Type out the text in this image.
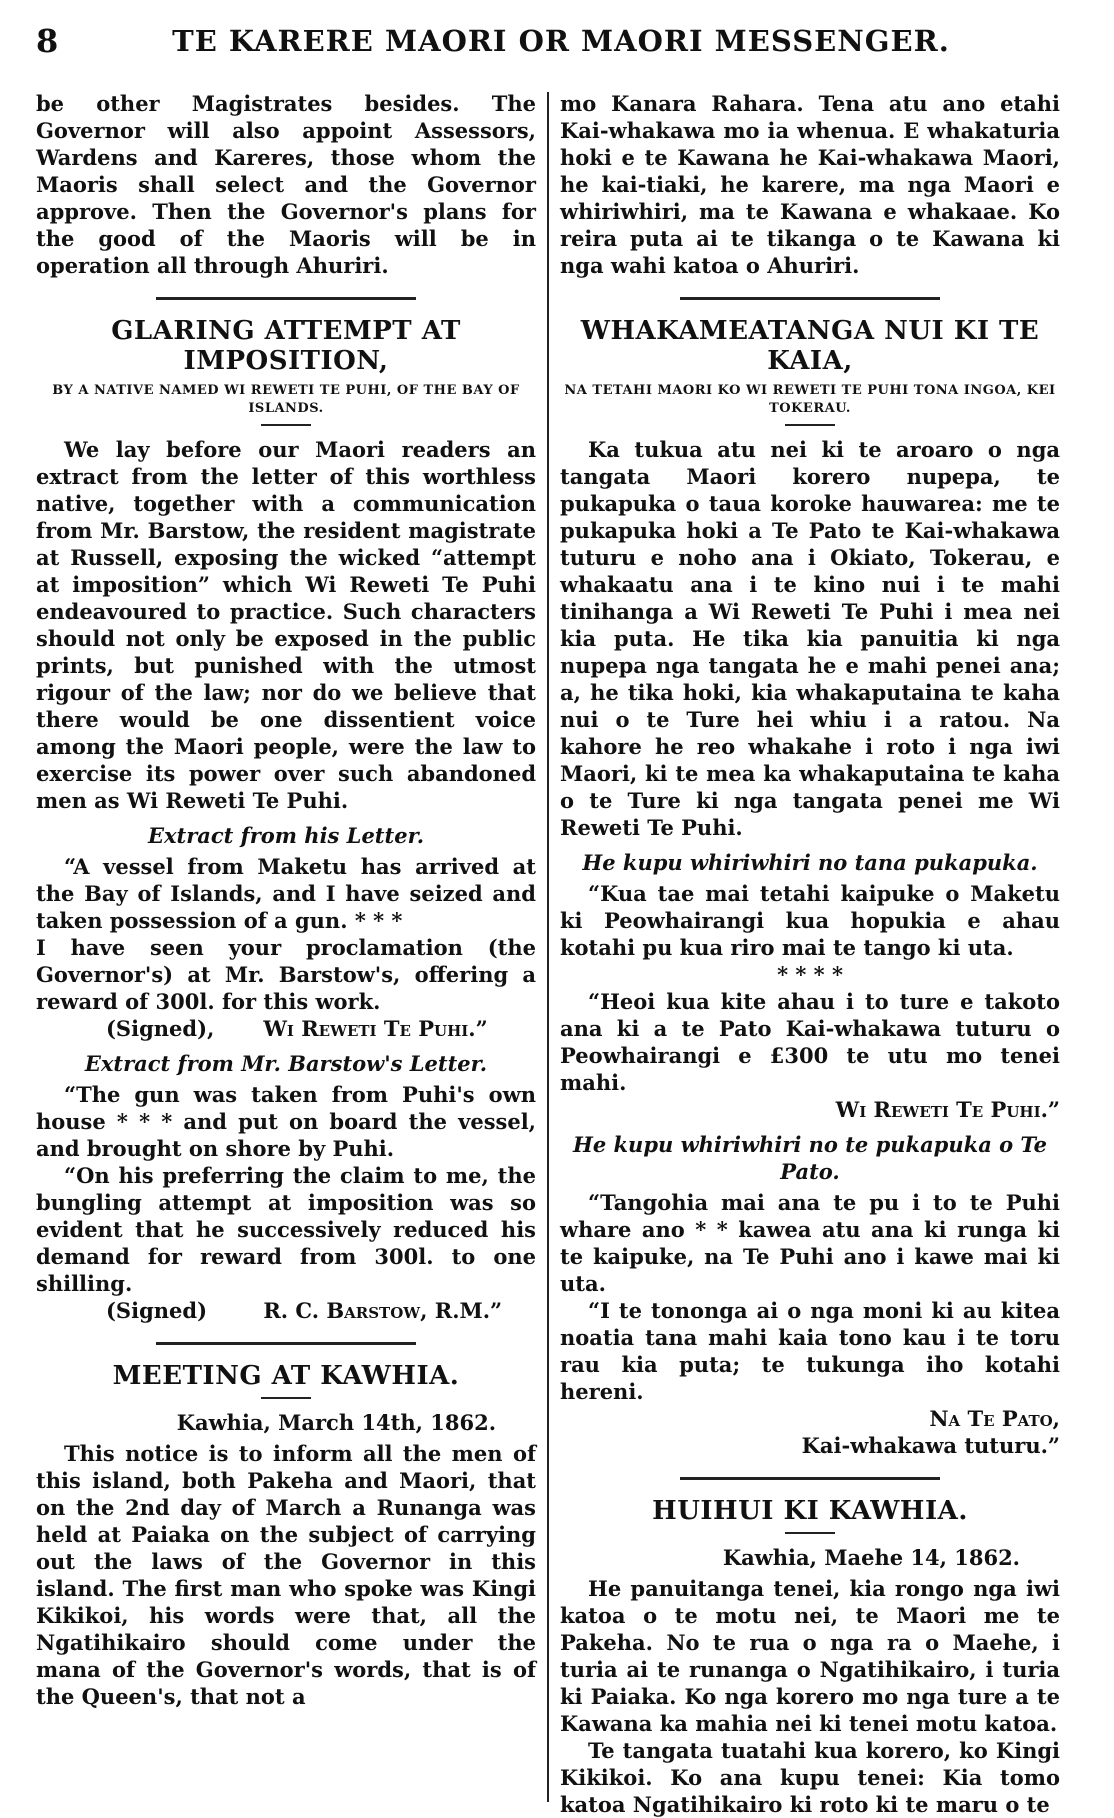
8	TE KARERE MAORI OR MAORI MESSENGER.

be other Magistrates besides. The Governor will also appoint Assessors, Wardens and Kareres, those whom the Maoris shall select and the Governor approve. Then the Governor's plans for the good of the Maoris will be in operation all through Ahuriri.

GLARING ATTEMPT AT IMPOSITION,

BY A NATIVE NAMED WI REWETI TE PUHI, OF THE BAY OF ISLANDS.

We lay before our Maori readers an extract from the letter of this worthless native, together with a communication from Mr. Barstow, the resident magistrate at Russell, exposing the wicked “attempt at imposition” which Wi Reweti Te Puhi endeavoured to practice. Such characters should not only be exposed in the public prints, but punished with the utmost rigour of the law; nor do we believe that there would be one dissentient voice among the Maori people, were the law to exercise its power over such abandoned men as Wi Reweti Te Puhi.

Extract from his Letter.

“A vessel from Maketu has arrived at the Bay of Islands, and I have seized and taken possession of a gun. * * *

I have seen your proclamation (the Governor's) at Mr. Barstow's, offering a reward of 300l. for this work.

(Signed), Wi Reweti Te Puhi.”

Extract from Mr. Barstow's Letter.

“The gun was taken from Puhi's own house * * * and put on board the vessel, and brought on shore by Puhi.

“On his preferring the claim to me, the bungling attempt at imposition was so evident that he successively reduced his demand for reward from 300l. to one shilling.

(Signed)	R. C. Barstow, R.M.”

MEETING AT KAWHIA.

Kawhia, March 14th, 1862.

This notice is to inform all the men of this island, both Pakeha and Maori, that on the 2nd day of March a Runanga was held at Paiaka on the subject of carrying out the laws of the Governor in this island. The first man who spoke was Kingi Kikikoi, his words were that, all the Ngatihikairo should come under the mana of the Governor's words, that is of the Queen's, that not a

mo Kanara Rahara. Tena atu ano etahi Kai-whakawa mo ia whenua. E whakaturia hoki e te Kawana he Kai-whakawa Maori, he kai-tiaki, he karere, ma nga Maori e whiriwhiri, ma te Kawana e whakaae. Ko reira puta ai te tikanga o te Kawana ki nga wahi katoa o Ahuriri.

WHAKAMEATANGA NUI KI TE KAIA,

NA TETAHI MAORI KO WI REWETI TE PUHI TONA INGOA, KEI TOKERAU.

Ka tukua atu nei ki te aroaro o nga tangata Maori korero nupepa, te pukapuka o taua koroke hauwarea: me te pukapuka hoki a Te Pato te Kai-whakawa tuturu e noho ana i Okiato, Tokerau, e whakaatu ana i te kino nui i te mahi tinihanga a Wi Reweti Te Puhi i mea nei kia puta. He tika kia panuitia ki nga nupepa nga tangata he e mahi penei ana; a, he tika hoki, kia whakaputaina te kaha nui o te Ture hei whiu i a ratou. Na kahore he reo whakahe i roto i nga iwi Maori, ki te mea ka whakaputaina te kaha o te Ture ki nga tangata penei me Wi Reweti Te Puhi.

He kupu whiriwhiri no tana pukapuka.

“Kua tae mai tetahi kaipuke o Maketu ki Peowhairangi kua hopukia e ahau kotahi pu kua riro mai te tango ki uta.

* * * *

“Heoi kua kite ahau i to ture e takoto ana ki a te Pato Kai-whakawa tuturu o Peowhairangi e £300 te utu mo tenei mahi.

Wi Reweti Te Puhi.”

He kupu whiriwhiri no te pukapuka o Te Pato.

“Tangohia mai ana te pu i to te Puhi whare ano * * kawea atu ana ki runga ki te kaipuke, na Te Puhi ano i kawe mai ki uta.

“I te tononga ai o nga moni ki au kitea noatia tana mahi kaia tono kau i te toru rau kia puta; te tukunga iho kotahi hereni.

Na Te Pato,

Kai-whakawa tuturu.”

HUIHUI KI KAWHIA.

Kawhia, Maehe 14, 1862.

He panuitanga tenei, kia rongo nga iwi katoa o te motu nei, te Maori me te Pakeha. No te rua o nga ra o Maehe, i turia ai te runanga o Ngatihikairo, i turia ki Paiaka. Ko nga korero mo nga ture a te Kawana ka mahia nei ki tenei motu katoa.

Te tangata tuatahi kua korero, ko Kingi Kikikoi. Ko ana kupu tenei: Kia tomo katoa Ngatihikairo ki roto ki te maru o te
